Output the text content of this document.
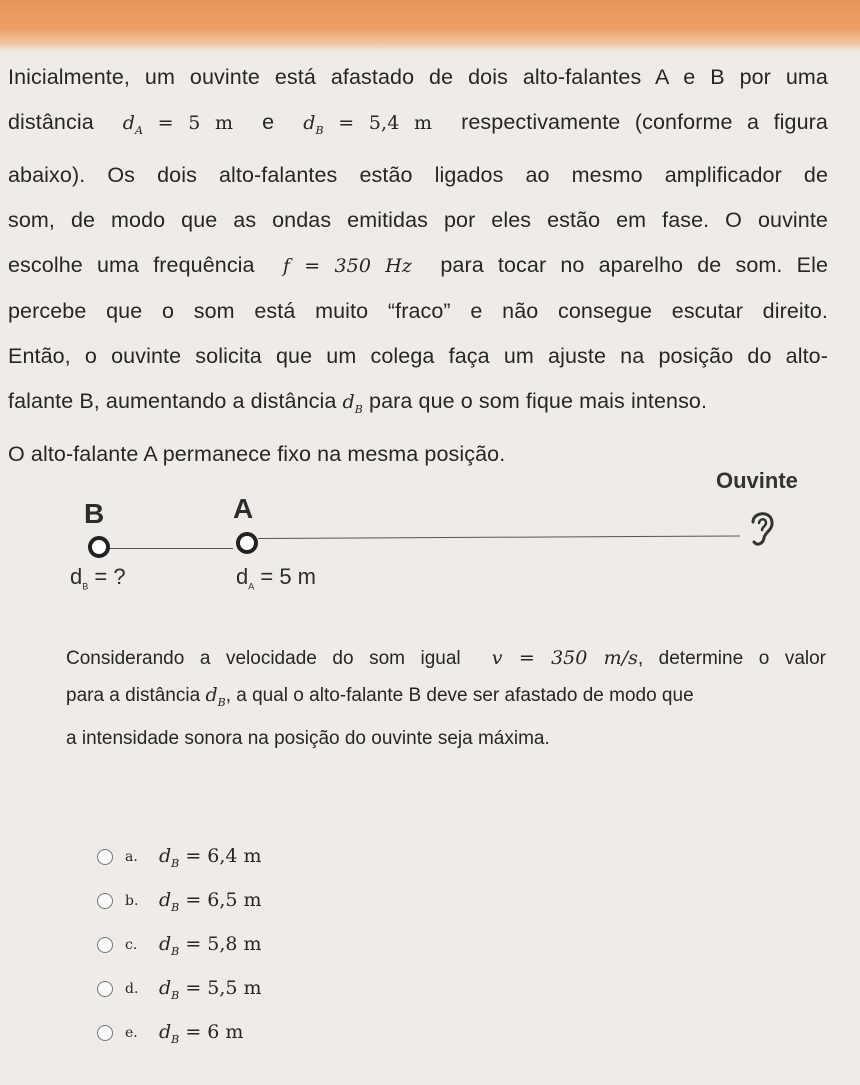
Inicialmente, um ouvinte está afastado de dois alto-falantes A e B por uma
distância $d_A = 5$ m e $d_B = 5,4$ m respectivamente (conforme a figura
abaixo). Os dois alto-falantes estão ligados ao mesmo amplificador de
som, de modo que as ondas emitidas por eles estão em fase. O ouvinte
escolhe uma frequência f = 350 Hz para tocar no aparelho de som. Ele
percebe que o som está muito “fraco” e não consegue escutar direito.
Então, o ouvinte solicita que um colega faça um ajuste na posição do alto-
falante B, aumentando a distância $d_B$ para que o som fique mais intenso.
O alto-falante A permanece fixo na mesma posição.
Ouvinte
B	A
$d_B$ = ?	$d_A = 5$ m
Considerando a velocidade do som igual v = 350 m/s, determine o valor
para a distância $d_B$, a qual o alto-falante B deve ser afastado de modo que
a intensidade sonora na posição do ouvinte seja máxima.
a.	$d_B = 6,4$ m
b.	$d_B = 6,5$ m
c.	$d_B = 5,8$ m
d.	$d_B = 5,5$ m
e.	$d_B = 6$ m
